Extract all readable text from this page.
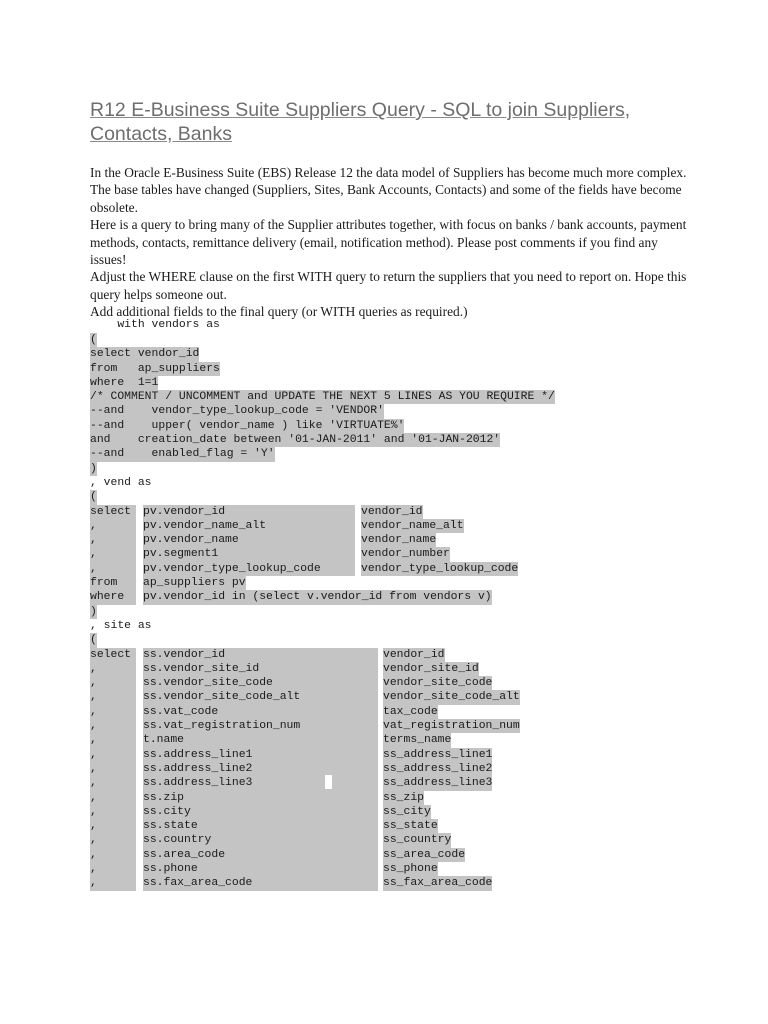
R12 E-Business Suite Suppliers Query - SQL to join Suppliers, Contacts, Banks

In the Oracle E-Business Suite (EBS) Release 12 the data model of Suppliers has become much more complex. The base tables have changed (Suppliers, Sites, Bank Accounts, Contacts) and some of the fields have become obsolete.

Here is a query to bring many of the Supplier attributes together, with focus on banks / bank accounts, payment methods, contacts, remittance delivery (email, notification method). Please post comments if you find any issues!

Adjust the WHERE clause on the first WITH query to return the suppliers that you need to report on. Hope this query helps someone out.

Add additional fields to the final query (or WITH queries as required.)

with vendors as

(
select vendor_id
from   ap_suppliers
where  1=1
/* COMMENT / UNCOMMENT and UPDATE THE NEXT 5 LINES AS YOU REQUIRE */
--and    vendor_type_lookup_code = 'VENDOR'
--and    upper( vendor_name ) like 'VIRTUATE%'
and    creation_date between '01-JAN-2011' and '01-JAN-2012'
--and    enabled_flag = 'Y'
)

, vend as

(

select	pv.vendor_id	vendor_id
,	pv.vendor_name_alt	vendor_name_alt
,	pv.vendor_name	vendor_name
,	pv.segment1	vendor_number
,	pv.vendor_type_lookup_code	vendor_type_lookup_code
from	ap_suppliers pv
where	pv.vendor_id in (select v.vendor_id from vendors v)

)

, site as

(

select	ss.vendor_id	vendor_id
,	ss.vendor_site_id	vendor_site_id
,	ss.vendor_site_code	vendor_site_code
,	ss.vendor_site_code_alt	vendor_site_code_alt
,	ss.vat_code	tax_code
,	ss.vat_registration_num	vat_registration_num
,	t.name	terms_name
,	ss.address_line1	ss_address_line1
,	ss.address_line2	ss_address_line2
,	ss.address_line3	ss_address_line3
,	ss.zip	ss_zip
,	ss.city	ss_city
,	ss.state	ss_state
,	ss.country	ss_country
,	ss.area_code	ss_area_code
,	ss.phone	ss_phone
,	ss.fax_area_code	ss_fax_area_code
